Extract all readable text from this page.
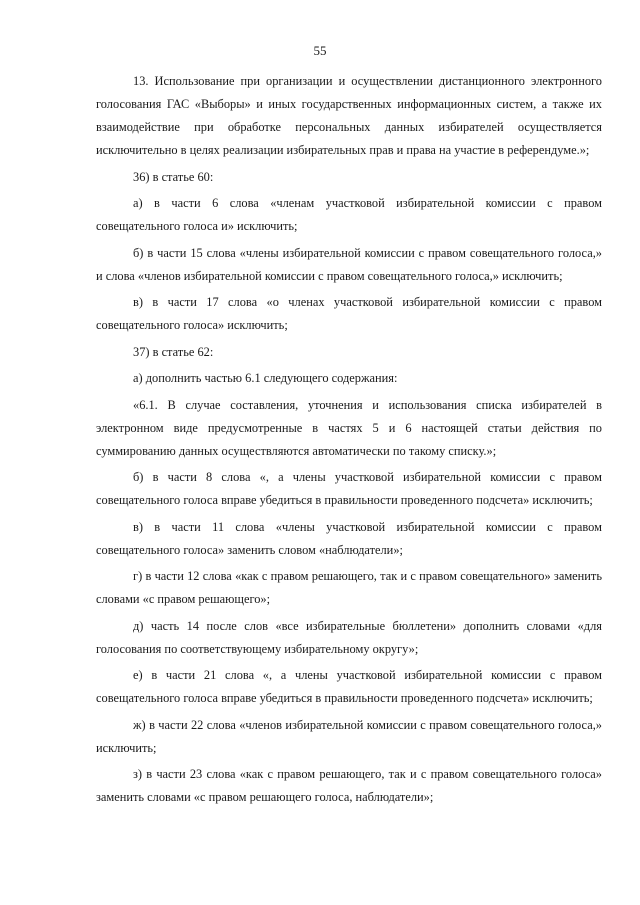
55

13. Использование при организации и осуществлении дистанционного электронного голосования ГАС «Выборы» и иных государственных информационных систем, а также их взаимодействие при обработке персональных данных избирателей осуществляется исключительно в целях реализации избирательных прав и права на участие в референдуме.»;

36) в статье 60:

а) в части 6 слова «членам участковой избирательной комиссии с правом совещательного голоса и» исключить;

б) в части 15 слова «члены избирательной комиссии с правом совещательного голоса,» и слова «членов избирательной комиссии с правом совещательного голоса,» исключить;

в) в части 17 слова «о членах участковой избирательной комиссии с правом совещательного голоса» исключить;

37) в статье 62:

а) дополнить частью 6.1 следующего содержания:

«6.1. В случае составления, уточнения и использования списка избирателей в электронном виде предусмотренные в частях 5 и 6 настоящей статьи действия по суммированию данных осуществляются автоматически по такому списку.»;

б) в части 8 слова «, а члены участковой избирательной комиссии с правом совещательного голоса вправе убедиться в правильности проведенного подсчета» исключить;

в) в части 11 слова «члены участковой избирательной комиссии с правом совещательного голоса» заменить словом «наблюдатели»;

г) в части 12 слова «как с правом решающего, так и с правом совещательного» заменить словами «с правом решающего»;

д) часть 14 после слов «все избирательные бюллетени» дополнить словами «для голосования по соответствующему избирательному округу»;

е) в части 21 слова «, а члены участковой избирательной комиссии с правом совещательного голоса вправе убедиться в правильности проведенного подсчета» исключить;

ж) в части 22 слова «членов избирательной комиссии с правом совещательного голоса,» исключить;

з) в части 23 слова «как с правом решающего, так и с правом совещательного голоса» заменить словами «с правом решающего голоса, наблюдатели»;
